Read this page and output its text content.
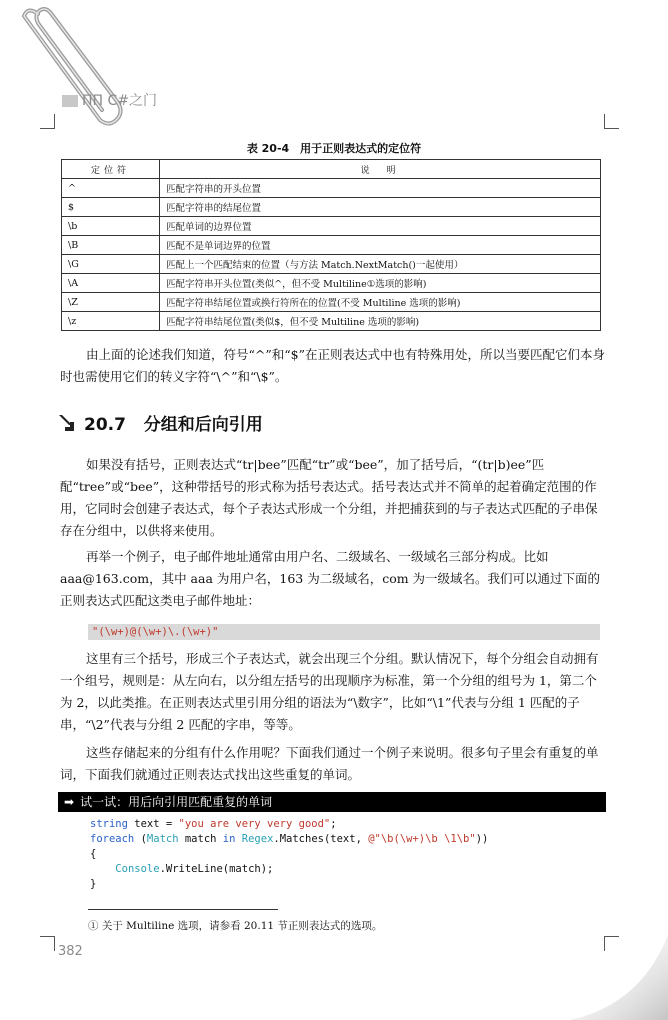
ПП C#之门
表 20-4　用于正则表达式的定位符
定位符	说　明
^	匹配字符串的开头位置
$	匹配字符串的结尾位置
\b	匹配单词的边界位置
\B	匹配不是单词边界的位置
\G	匹配上一个匹配结束的位置（与方法 Match.NextMatch()一起使用）
\A	匹配字符串开头位置(类似^，但不受 Multiline①选项的影响)
\Z	匹配字符串结尾位置或换行符所在的位置(不受 Multiline 选项的影响)
\z	匹配字符串结尾位置(类似$，但不受 Multiline 选项的影响)
由上面的论述我们知道，符号“^”和“$”在正则表达式中也有特殊用处，所以当要匹配它们本身时也需使用它们的转义字符“\^”和“\$”。
20.7 分组和后向引用
如果没有括号，正则表达式“tr|bee”匹配“tr”或“bee”，加了括号后，“(tr|b)ee”匹配“tree”或“bee”，这种带括号的形式称为括号表达式。括号表达式并不简单的起着确定范围的作用，它同时会创建子表达式，每个子表达式形成一个分组，并把捕获到的与子表达式匹配的子串保存在分组中，以供将来使用。
再举一个例子，电子邮件地址通常由用户名、二级域名、一级域名三部分构成。比如 aaa@163.com，其中 aaa 为用户名，163 为二级域名，com 为一级域名。我们可以通过下面的正则表达式匹配这类电子邮件地址：
"(\w+)@(\w+)\.(\w+)"
这里有三个括号，形成三个子表达式，就会出现三个分组。默认情况下，每个分组会自动拥有一个组号，规则是：从左向右，以分组左括号的出现顺序为标准，第一个分组的组号为 1，第二个为 2，以此类推。在正则表达式里引用分组的语法为“\数字”，比如“\1”代表与分组 1 匹配的子串，“\2”代表与分组 2 匹配的字串，等等。
这些存储起来的分组有什么作用呢？下面我们通过一个例子来说明。很多句子里会有重复的单词，下面我们就通过正则表达式找出这些重复的单词。
➡ 试一试：用后向引用匹配重复的单词
string text = "you are very very good";
foreach (Match match in Regex.Matches(text, @"\b(\w+)\b \1\b"))
{
Console.WriteLine(match);
}
① 关于 Multiline 选项，请参看 20.11 节正则表达式的选项。
382
